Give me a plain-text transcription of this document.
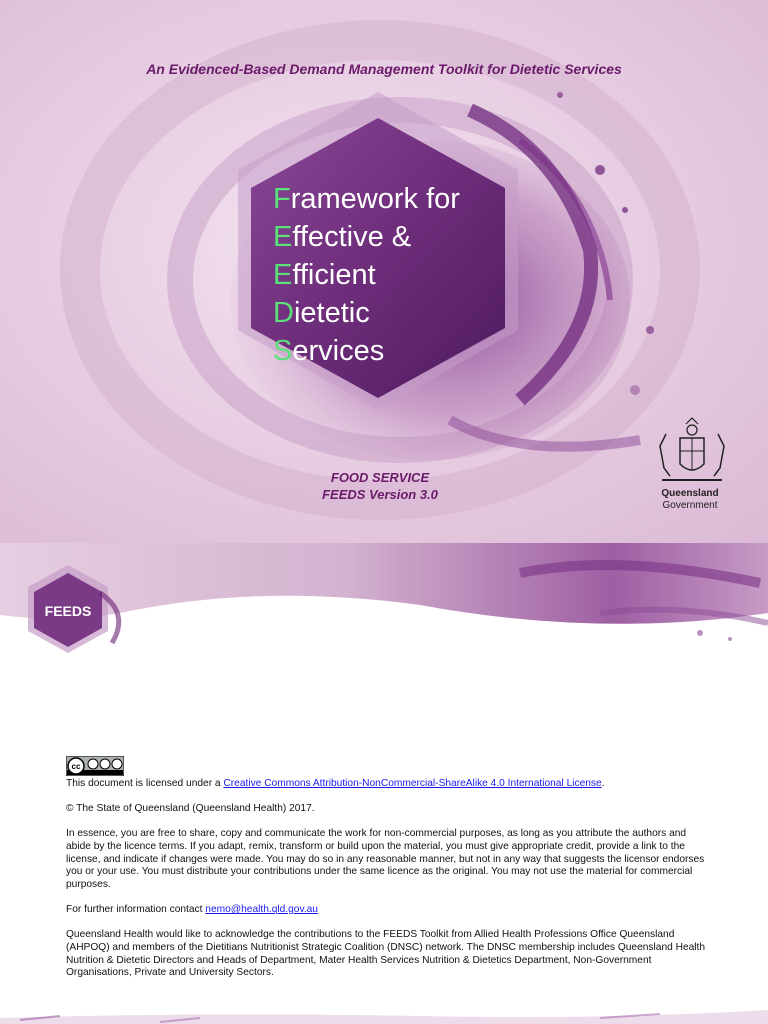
An Evidenced-Based Demand Management Toolkit for Dietetic Services
Framework for
Effective &
Efficient
Dietetic
Services
FOOD SERVICE
FEEDS Version 3.0	Queensland
Government
FEEDS
cc
This document is licensed under a Creative Commons Attribution-NonCommercial-ShareAlike 4.0 International License.
© The State of Queensland (Queensland Health) 2017.
In essence, you are free to share, copy and communicate the work for non-commercial purposes, as long as you attribute the authors and abide by the licence terms. If you adapt, remix, transform or build upon the material, you must give appropriate credit, provide a link to the license, and indicate if changes were made. You may do so in any reasonable manner, but not in any way that suggests the licensor endorses you or your use. You must distribute your contributions under the same licence as the original. You may not use the material for commercial purposes.
For further information contact nemo@health.qld.gov.au
Queensland Health would like to acknowledge the contributions to the FEEDS Toolkit from Allied Health Professions Office Queensland (AHPOQ) and members of the Dietitians Nutritionist Strategic Coalition (DNSC) network. The DNSC membership includes Queensland Health Nutrition & Dietetic Directors and Heads of Department, Mater Health Services Nutrition & Dietetics Department, Non-Government Organisations, Private and University Sectors.
